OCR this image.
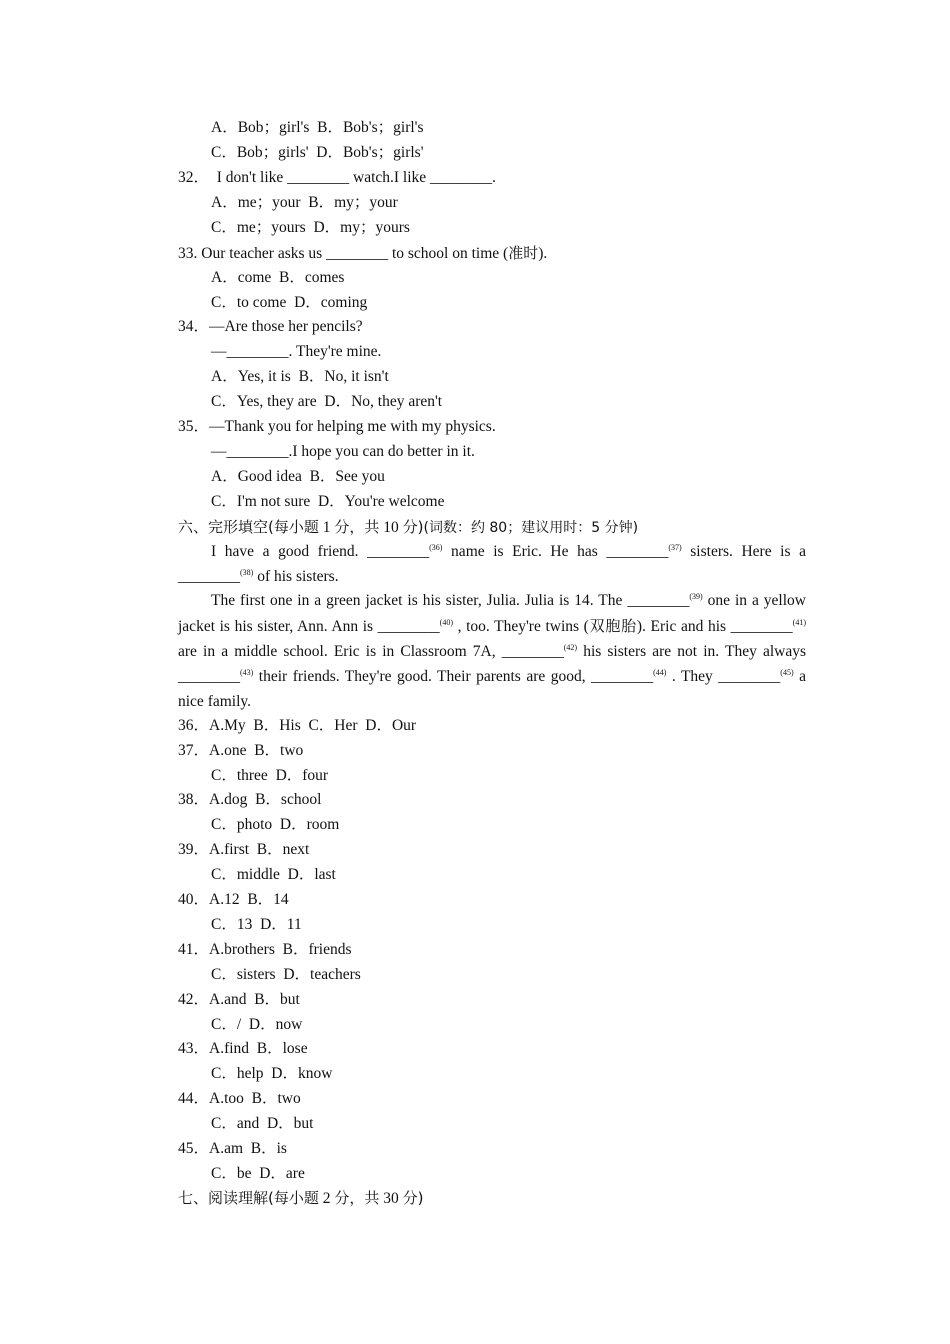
A．Bob；girl's  B．Bob's；girl's
C．Bob；girls'  D．Bob's；girls'
32．  I don't like ________ watch.I like ________.
A．me；your  B．my；your
C．me；yours  D．my；yours
33. Our teacher asks us ________ to school on time (准时).
A．come  B．comes
C．to come  D．coming
34．—Are those her pencils?
—________. They're mine.
A．Yes, it is  B．No, it isn't
C．Yes, they are  D．No, they aren't
35．—Thank you for helping me with my physics.
—________.I hope you can do better in it.
A．Good idea  B．See you
C．I'm not sure  D．You're welcome
六、完形填空(每小题 1 分，共 10 分)(词数：约 80；建议用时：5 分钟)
I have a good friend. ________$^{(36)}$ name is Eric. He has ________$^{(37)}$ sisters. Here is a ________$^{(38)}$ of his sisters.
The first one in a green jacket is his sister, Julia. Julia is 14. The ________$^{(39)}$ one in a yellow jacket is his sister, Ann. Ann is ________$^{(40)}$ , too. They're twins (双胞胎). Eric and his ________$^{(41)}$ are in a middle school. Eric is in Classroom 7A, ________$^{(42)}$ his sisters are not in. They always ________$^{(43)}$ their friends. They're good. Their parents are good, ________$^{(44)}$ . They ________$^{(45)}$ a nice family.
36．A.My  B．His  C．Her  D．Our
37．A.one  B．two
C．three  D．four
38．A.dog  B．school
C．photo  D．room
39．A.first  B．next
C．middle  D．last
40．A.12  B．14
C．13  D．11
41．A.brothers  B．friends
C．sisters  D．teachers
42．A.and  B．but
C．/  D．now
43．A.find  B．lose
C．help  D．know
44．A.too  B．two
C．and  D．but
45．A.am  B．is
C．be  D．are
七、阅读理解(每小题 2 分，共 30 分)
